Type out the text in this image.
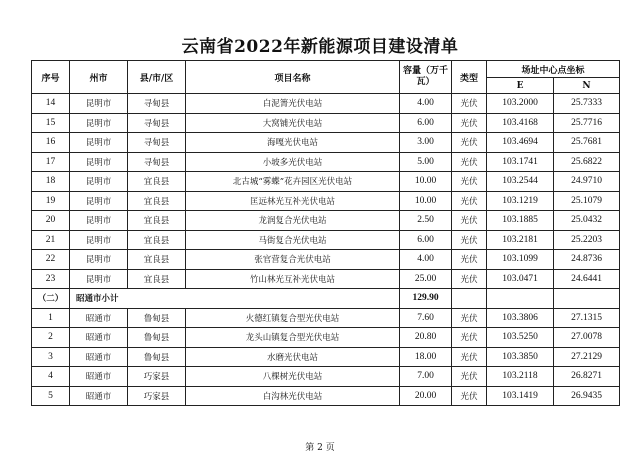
云南省2022年新能源项目建设清单
序号	州市	县/市/区	项目名称	容量（万千瓦）	类型	场址中心点坐标	
						E	N
14	昆明市	寻甸县	白泥箐光伏电站	4.00	光伏	103.2000	25.7333
15	昆明市	寻甸县	大窝铺光伏电站	6.00	光伏	103.4168	25.7716
16	昆明市	寻甸县	海嘎光伏电站	3.00	光伏	103.4694	25.7681
17	昆明市	寻甸县	小坡多光伏电站	5.00	光伏	103.1741	25.6822
18	昆明市	宜良县	北古城“雾蝶”花卉园区光伏电站	10.00	光伏	103.2544	24.9710
19	昆明市	宜良县	匡远林光互补光伏电站	10.00	光伏	103.1219	25.1079
20	昆明市	宜良县	龙润复合光伏电站	2.50	光伏	103.1885	25.0432
21	昆明市	宜良县	马街复合光伏电站	6.00	光伏	103.2181	25.2203
22	昆明市	宜良县	张官营复合光伏电站	4.00	光伏	103.1099	24.8736
23	昆明市	宜良县	竹山林光互补光伏电站	25.00	光伏	103.0471	24.6441
（二）	昭通市小计			129.90			
1	昭通市	鲁甸县	火德红镇复合型光伏电站	7.60	光伏	103.3806	27.1315
2	昭通市	鲁甸县	龙头山镇复合型光伏电站	20.80	光伏	103.5250	27.0078
3	昭通市	鲁甸县	水磨光伏电站	18.00	光伏	103.3850	27.2129
4	昭通市	巧家县	八棵树光伏电站	7.00	光伏	103.2118	26.8271
5	昭通市	巧家县	白沟林光伏电站	20.00	光伏	103.1419	26.9435
第 2 页
